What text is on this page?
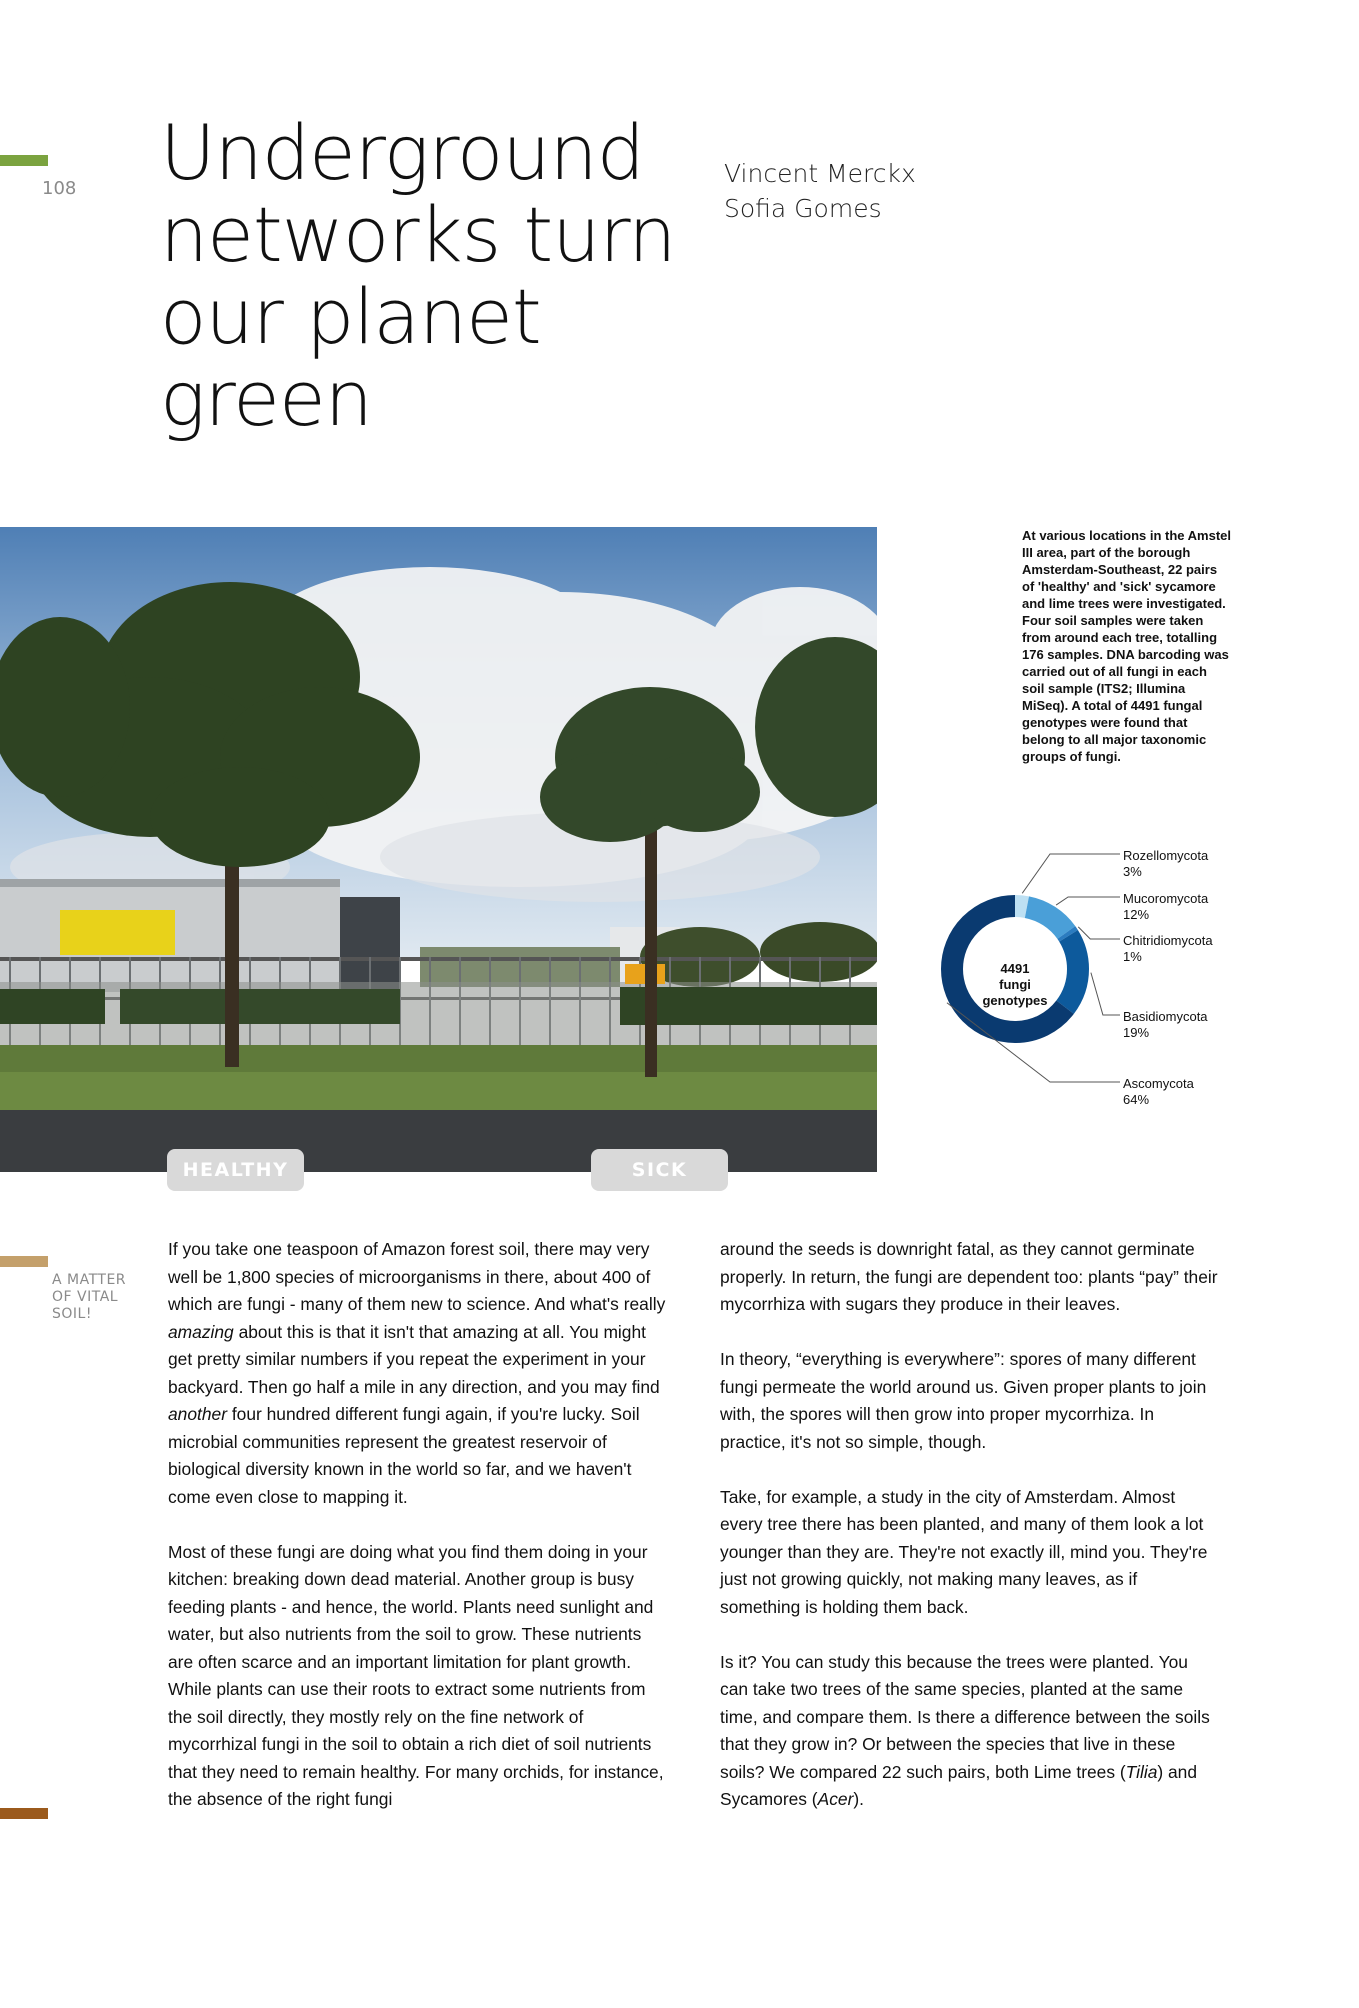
108
A MATTER OF VITAL SOIL!
Underground networks turn our planet green
Vincent Merckx
Sofia Gomes
HEALTHY	SICK
At various locations in the Amstel III area, part of the borough Amsterdam-Southeast, 22 pairs of 'healthy' and 'sick' sycamore and lime trees were investigated. Four soil samples were taken from around each tree, totalling 176 samples. DNA barcoding was carried out of all fungi in each soil sample (ITS2; Illumina MiSeq). A total of 4491 fungal genotypes were found that belong to all major taxonomic groups of fungi.
4491
fungi
genotypes
Rozellomycota
3%
Mucoromycota
12%
Chitridiomycota
1%
Basidiomycota
19%
Ascomycota
64%

If you take one teaspoon of Amazon forest soil, there may very well be 1,800 species of microorganisms in there, about 400 of which are fungi - many of them new to science. And what's really amazing about this is that it isn't that amazing at all. You might get pretty similar numbers if you repeat the experiment in your backyard. Then go half a mile in any direction, and you may find another four hundred different fungi again, if you're lucky. Soil microbial communities represent the greatest reservoir of biological diversity known in the world so far, and we haven't come even close to mapping it.

Most of these fungi are doing what you find them doing in your kitchen: breaking down dead material. Another group is busy feeding plants - and hence, the world. Plants need sunlight and water, but also nutrients from the soil to grow. These nutrients are often scarce and an important limitation for plant growth. While plants can use their roots to extract some nutrients from the soil directly, they mostly rely on the fine network of mycorrhizal fungi in the soil to obtain a rich diet of soil nutrients that they need to remain healthy. For many orchids, for instance, the absence of the right fungi

around the seeds is downright fatal, as they cannot germinate properly. In return, the fungi are dependent too: plants “pay” their mycorrhiza with sugars they produce in their leaves.

In theory, “everything is everywhere”: spores of many different fungi permeate the world around us. Given proper plants to join with, the spores will then grow into proper mycorrhiza. In practice, it's not so simple, though.

Take, for example, a study in the city of Amsterdam. Almost every tree there has been planted, and many of them look a lot younger than they are. They're not exactly ill, mind you. They're just not growing quickly, not making many leaves, as if something is holding them back.

Is it? You can study this because the trees were planted. You can take two trees of the same species, planted at the same time, and compare them. Is there a difference between the soils that they grow in? Or between the species that live in these soils? We compared 22 such pairs, both Lime trees (Tilia) and Sycamores (Acer).
